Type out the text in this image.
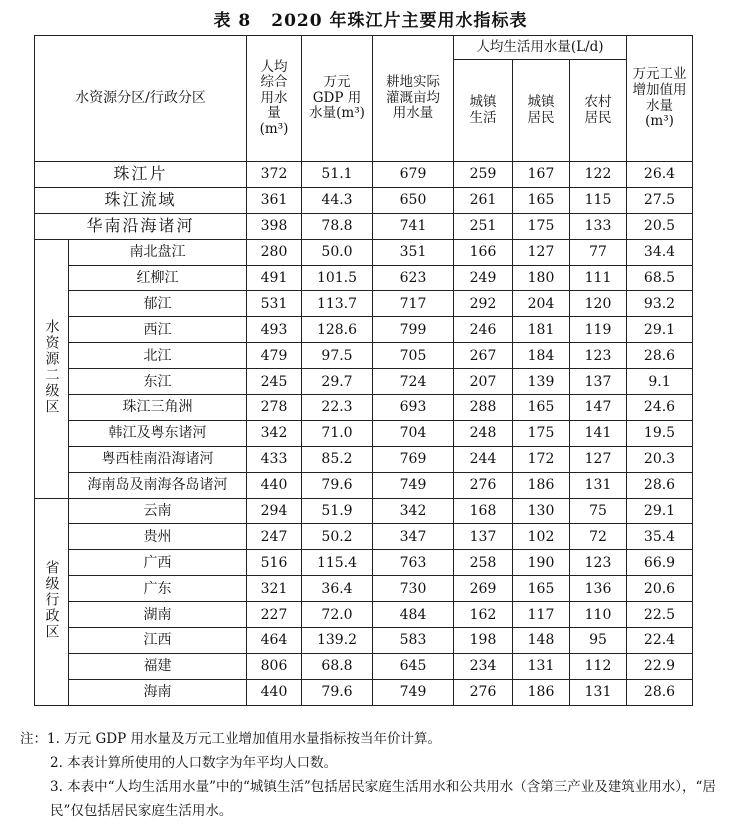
表 8 2020 年珠江片主要用水指标表
水资源分区/行政分区		人均综合用水量(m³)	万元 GDP 用水量(m³)	耕地实际灌溉亩均用水量	人均生活用水量(L/d)			万元工业增加值用水量(m³)

					城镇生活	城镇居民	农村居民	

珠江片		372	51.1	679	259	167	122	26.4
珠江流域		361	44.3	650	261	165	115	27.5
华南沿海诸河		398	78.8	741	251	175	133	20.5
水资源二级区	南北盘江	280	50.0	351	166	127	77	34.4
	红柳江	491	101.5	623	249	180	111	68.5
	郁江	531	113.7	717	292	204	120	93.2
	西江	493	128.6	799	246	181	119	29.1
	北江	479	97.5	705	267	184	123	28.6
	东江	245	29.7	724	207	139	137	9.1
	珠江三角洲	278	22.3	693	288	165	147	24.6
	韩江及粤东诸河	342	71.0	704	248	175	141	19.5
	粤西桂南沿海诸河	433	85.2	769	244	172	127	20.3
	海南岛及南海各岛诸河	440	79.6	749	276	186	131	28.6
省级行政区	云南	294	51.9	342	168	130	75	29.1
	贵州	247	50.2	347	137	102	72	35.4
	广西	516	115.4	763	258	190	123	66.9
	广东	321	36.4	730	269	165	136	20.6
	湖南	227	72.0	484	162	117	110	22.5
	江西	464	139.2	583	198	148	95	22.4
	福建	806	68.8	645	234	131	112	22.9
	海南	440	79.6	749	276	186	131	28.6
注：1. 万元 GDP 用水量及万元工业增加值用水量指标按当年价计算。
2. 本表计算所使用的人口数字为年平均人口数。
3. 本表中“人均生活用水量”中的“城镇生活”包括居民家庭生活用水和公共用水（含第三产业及建筑业用水），“居民”仅包括居民家庭生活用水。
